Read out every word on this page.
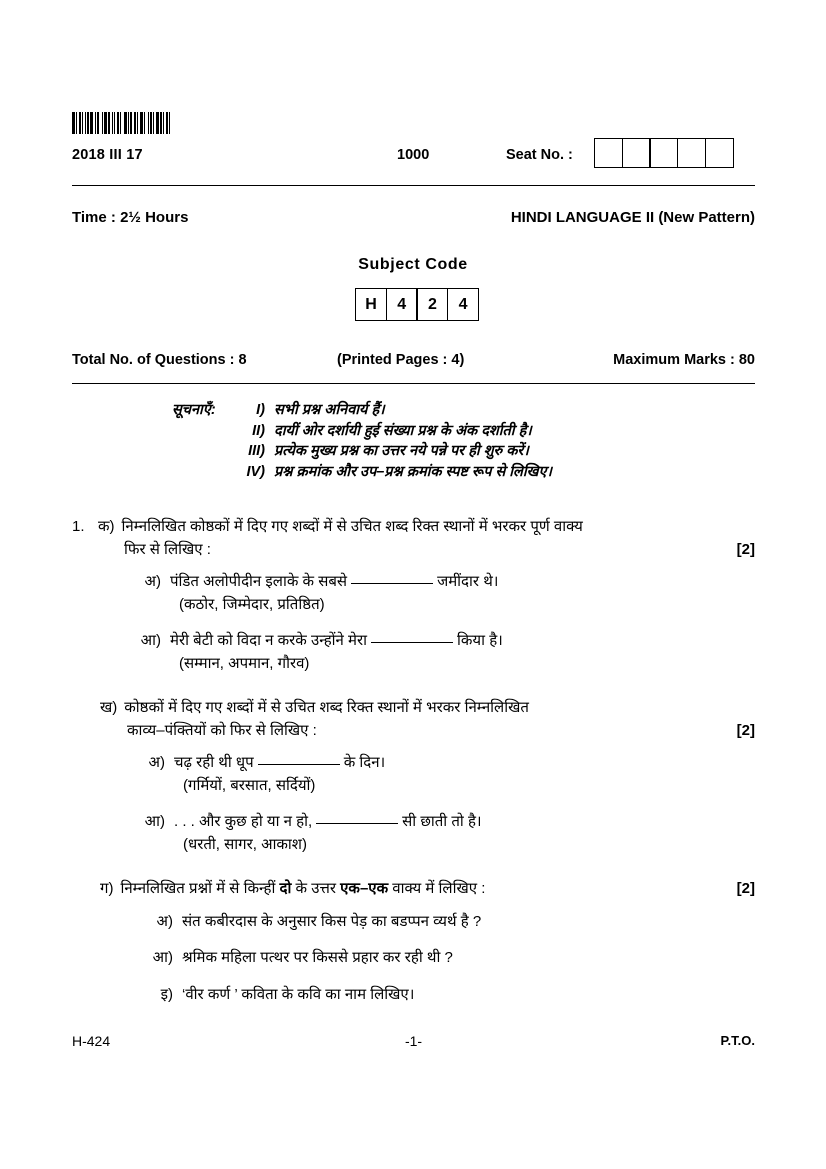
2018 III 17	1000	Seat No. :
Time : 2½ Hours	HINDI LANGUAGE II (New Pattern)
Subject Code
H	4	2	4
Total No. of Questions : 8	(Printed Pages : 4)	Maximum Marks : 80
सूचनाएँ:	I) सभी प्रश्न अनिवार्य हैं।
II) दायीं ओर दर्शायी हुई संख्या प्रश्न के अंक दर्शाती है।
III) प्रत्येक मुख्य प्रश्न का उत्तर नये पन्ने पर ही शुरु करें।
IV) प्रश्न क्रमांक और उप–प्रश्न क्रमांक स्पष्ट रूप से लिखिए।
1. क) निम्नलिखित कोष्ठकों में दिए गए शब्दों में से उचित शब्द रिक्त स्थानों में भरकर पूर्ण वाक्य
फिर से लिखिए :	[2]
अ) पंडित अलोपीदीन इलाके के सबसे	जमींदार थे।
(कठोर, जिम्मेदार, प्रतिष्ठित)
आ) मेरी बेटी को विदा न करके उन्होंने मेरा	किया है।
(सम्मान, अपमान, गौरव)
ख) कोष्ठकों में दिए गए शब्दों में से उचित शब्द रिक्त स्थानों में भरकर निम्नलिखित
काव्य–पंक्तियों को फिर से लिखिए :	[2]
अ) चढ़ रही थी धूप	के दिन।
(गर्मियों, बरसात, सर्दियों)
आ) . . . और कुछ हो या न हो,	सी छाती तो है।
(धरती, सागर, आकाश)
ग) निम्नलिखित प्रश्नों में से किन्हीं दो के उत्तर एक–एक वाक्य में लिखिए :	[2]
अ) संत कबीरदास के अनुसार किस पेड़ का बडप्पन व्यर्थ है ?
आ) श्रमिक महिला पत्थर पर किससे प्रहार कर रही थी ?
इ) ‘वीर कर्ण ’ कविता के कवि का नाम लिखिए।
H-424	-1-	P.T.O.
